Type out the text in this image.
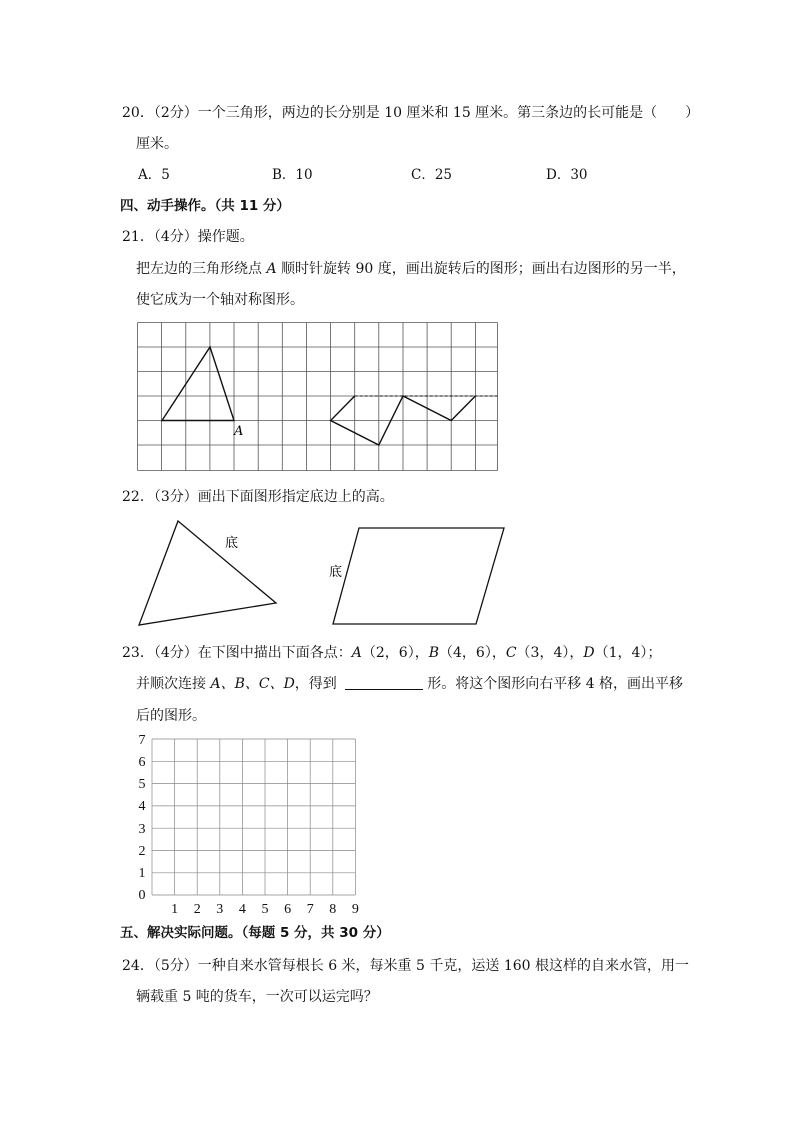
20．（2分）一个三角形，两边的长分别是 10 厘米和 15 厘米。第三条边的长可能是（　　）
厘米。
A．5	B．10	C．25	D．30
四、动手操作。（共 11 分）
21．（4分）操作题。
把左边的三角形绕点 A 顺时针旋转 90 度，画出旋转后的图形；画出右边图形的另一半，
使它成为一个轴对称图形。
A
22．（3分）画出下面图形指定底边上的高。
底
底
23．（4分）在下图中描出下面各点：A（2，6），B（4，6），C（3，4），D（1，4）；
并顺次连接 A、B、C、D，得到	形。将这个图形向右平移 4 格，画出平移
后的图形。
7
6
5
4
3
2
1
0
1 2 3 4 5 6 7 8 9
五、解决实际问题。（每题 5 分，共 30 分）
24．（5分）一种自来水管每根长 6 米，每米重 5 千克，运送 160 根这样的自来水管，用一
辆载重 5 吨的货车，一次可以运完吗？
